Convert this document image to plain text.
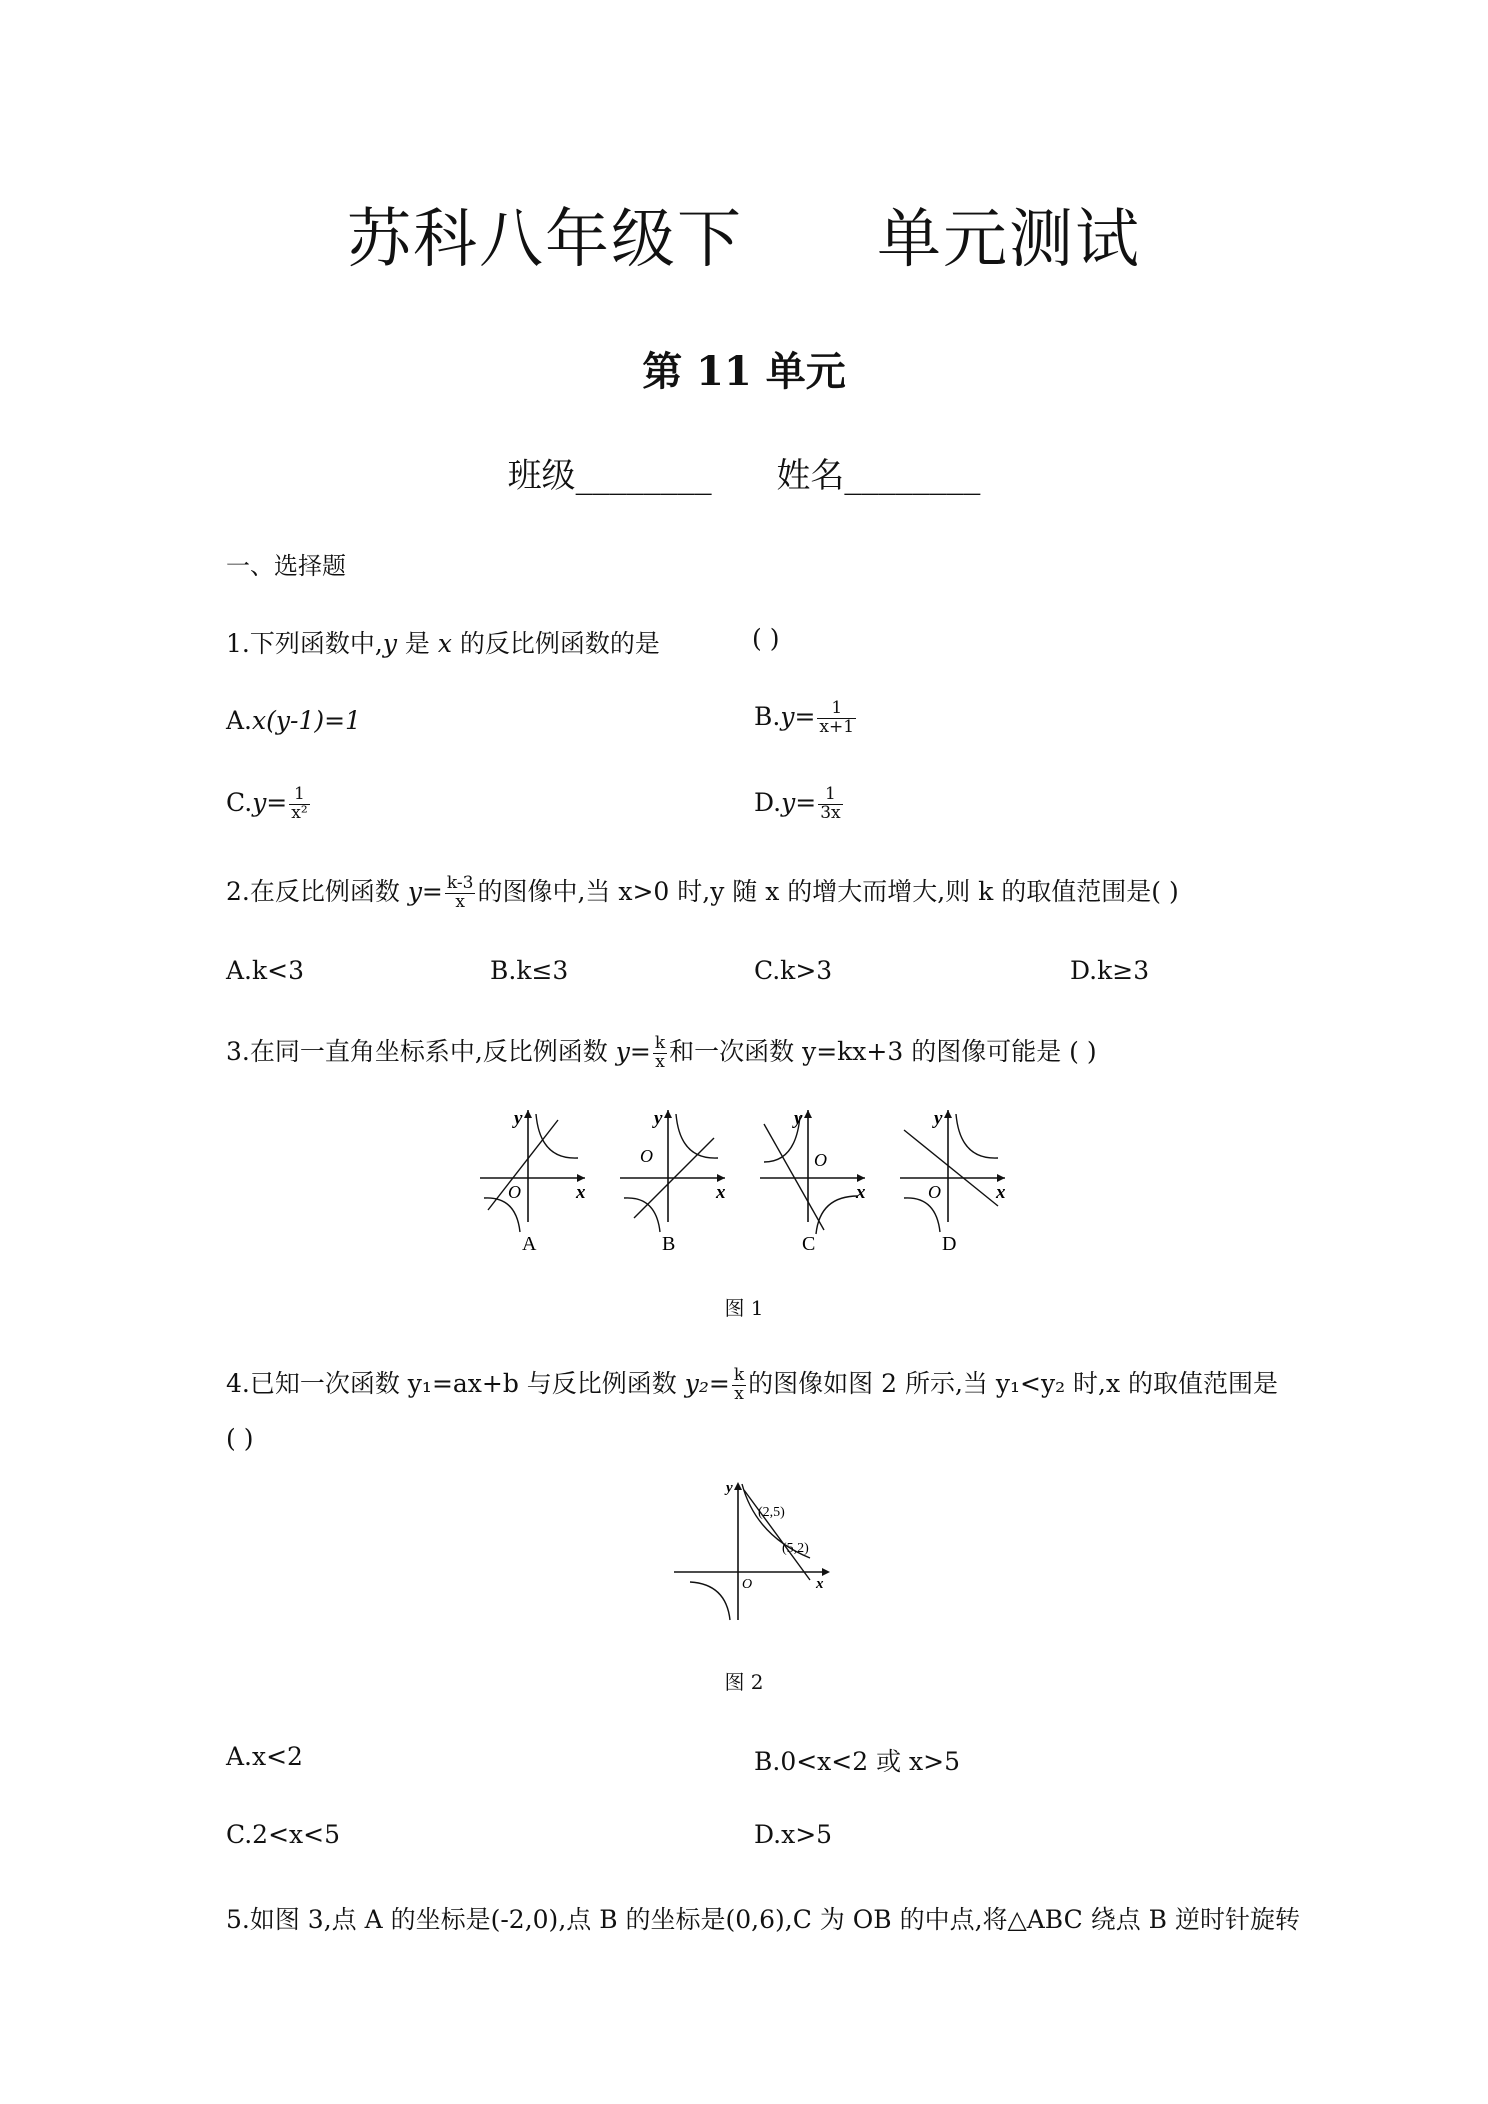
苏科八年级下      单元测试
第 11 单元
班级________ 姓名________
一、选择题
1.下列函数中,y 是 x 的反比例函数的是	( )
A.x(y-1)=1	$B.y= \frac{1}{x+1}$
$C.y= \frac{1}{\text{x²}}$	$D.y= \frac{1}{3x}$
2.在反比例函数 $y= \frac{k-3}{x}$ 的图像中,当 x>0 时,y 随 x 的增大而增大,则 k 的取值范围是( )
A.k<3	B.k≤3	C.k>3	D.k≥3
3.在同一直角坐标系中,反比例函数 $y= \frac{k}{x}$ 和一次函数 y=kx+3 的图像可能是 ( )
y
x
O
A
y
x
O
B
y
x
O
C
y
x
O
D
图 1
4.已知一次函数 y₁=ax+b 与反比例函数 $y_2= \frac{k}{x}$ 的图像如图 2 所示,当 y₁<y₂ 时,x 的取值范围是
( )
y
x
O
(2,5)
(5,2)
图 2
A.x<2	B.0<x<2 或 x>5
C.2<x<5	D.x>5
5.如图 3,点 A 的坐标是(-2,0),点 B 的坐标是(0,6),C 为 OB 的中点,将△ABC 绕点 B 逆时针旋转
